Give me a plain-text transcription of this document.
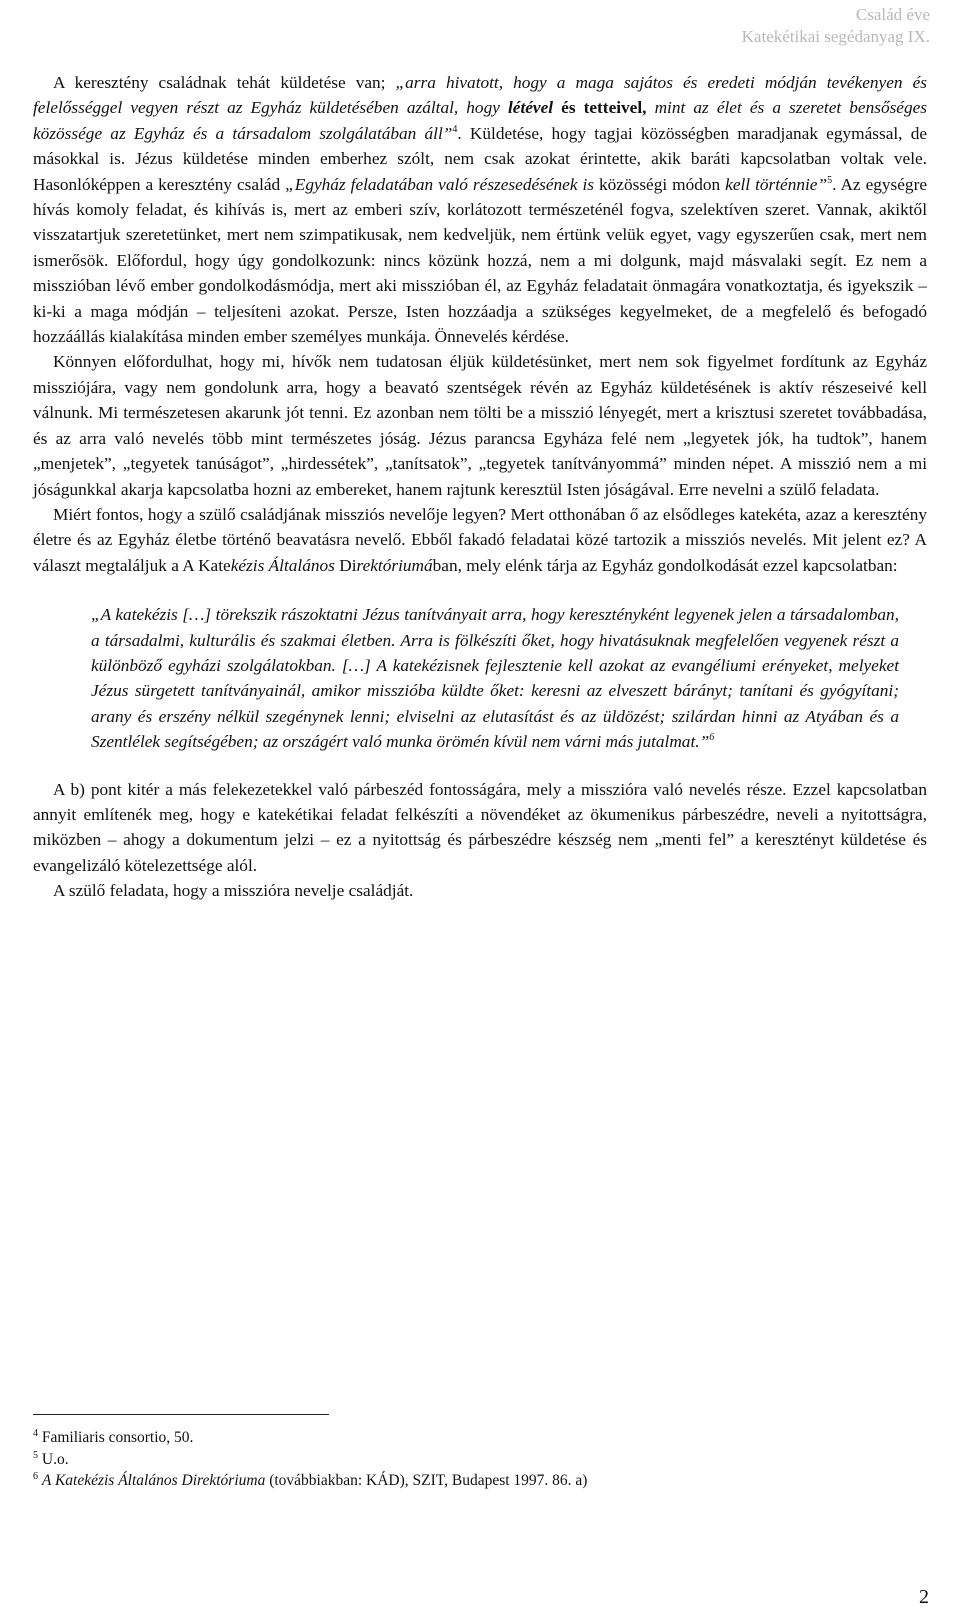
Család éve
Katekétikai segédanyag IX.

A keresztény családnak tehát küldetése van; „arra hivatott, hogy a maga sajátos és eredeti módján tevékenyen és felelősséggel vegyen részt az Egyház küldetésében azáltal, hogy létével és tetteivel, mint az élet és a szeretet bensőséges közössége az Egyház és a társadalom szolgálatában áll”$^4$. Küldetése, hogy tagjai közösségben maradjanak egymással, de másokkal is. Jézus küldetése minden emberhez szólt, nem csak azokat érintette, akik baráti kapcsolatban voltak vele. Hasonlóképpen a keresztény család „Egyház feladatában való részesedésének is közösségi módon kell történnie”$^5$. Az egységre hívás komoly feladat, és kihívás is, mert az emberi szív, korlátozott természeténél fogva, szelektíven szeret. Vannak, akiktől visszatartjuk szeretetünket, mert nem szimpatikusak, nem kedveljük, nem értünk velük egyet, vagy egyszerűen csak, mert nem ismerősök. Előfordul, hogy úgy gondolkozunk: nincs közünk hozzá, nem a mi dolgunk, majd másvalaki segít. Ez nem a misszióban lévő ember gondolkodásmódja, mert aki misszióban él, az Egyház feladatait önmagára vonatkoztatja, és igyekszik – ki-ki a maga módján – teljesíteni azokat. Persze, Isten hozzáadja a szükséges kegyelmeket, de a megfelelő és befogadó hozzáállás kialakítása minden ember személyes munkája. Önnevelés kérdése.

Könnyen előfordulhat, hogy mi, hívők nem tudatosan éljük küldetésünket, mert nem sok figyelmet fordítunk az Egyház missziójára, vagy nem gondolunk arra, hogy a beavató szentségek révén az Egyház küldetésének is aktív részeseivé kell válnunk. Mi természetesen akarunk jót tenni. Ez azonban nem tölti be a misszió lényegét, mert a krisztusi szeretet továbbadása, és az arra való nevelés több mint természetes jóság. Jézus parancsa Egyháza felé nem „legyetek jók, ha tudtok”, hanem „menjetek”, „tegyetek tanúságot”, „hirdessétek”, „tanítsatok”, „tegyetek tanítványommá” minden népet. A misszió nem a mi jóságunkkal akarja kapcsolatba hozni az embereket, hanem rajtunk keresztül Isten jóságával. Erre nevelni a szülő feladata.

Miért fontos, hogy a szülő családjának missziós nevelője legyen? Mert otthonában ő az elsődleges katekéta, azaz a keresztény életre és az Egyház életbe történő beavatásra nevelő. Ebből fakadó feladatai közé tartozik a missziós nevelés. Mit jelent ez? A választ megtaláljuk a A Katekézis Általános Direktóriumában, mely elénk tárja az Egyház gondolkodását ezzel kapcsolatban:

„A katekézis […] törekszik rászoktatni Jézus tanítványait arra, hogy keresztényként legyenek jelen a társadalomban, a társadalmi, kulturális és szakmai életben. Arra is fölkészíti őket, hogy hivatásuknak megfelelően vegyenek részt a különböző egyházi szolgálatokban. […] A katekézisnek fejlesztenie kell azokat az evangéliumi erényeket, melyeket Jézus sürgetett tanítványainál, amikor misszióba küldte őket: keresni az elveszett bárányt; tanítani és gyógyítani; arany és erszény nélkül szegénynek lenni; elviselni az elutasítást és az üldözést; szilárdan hinni az Atyában és a Szentlélek segítségében; az országért való munka örömén kívül nem várni más jutalmat.”$^6$

A b) pont kitér a más felekezetekkel való párbeszéd fontosságára, mely a misszióra való nevelés része. Ezzel kapcsolatban annyit említenék meg, hogy e katekétikai feladat felkészíti a növendéket az ökumenikus párbeszédre, neveli a nyitottságra, miközben – ahogy a dokumentum jelzi – ez a nyitottság és párbeszédre készség nem „menti fel” a keresztényt küldetése és evangelizáló kötelezettsége alól.

A szülő feladata, hogy a misszióra nevelje családját.

$^4$ Familiaris consortio, 50.
$^5$ U.o.
$^6$ A Katekézis Általános Direktóriuma (továbbiakban: KÁD), SZIT, Budapest 1997. 86. a)
2
